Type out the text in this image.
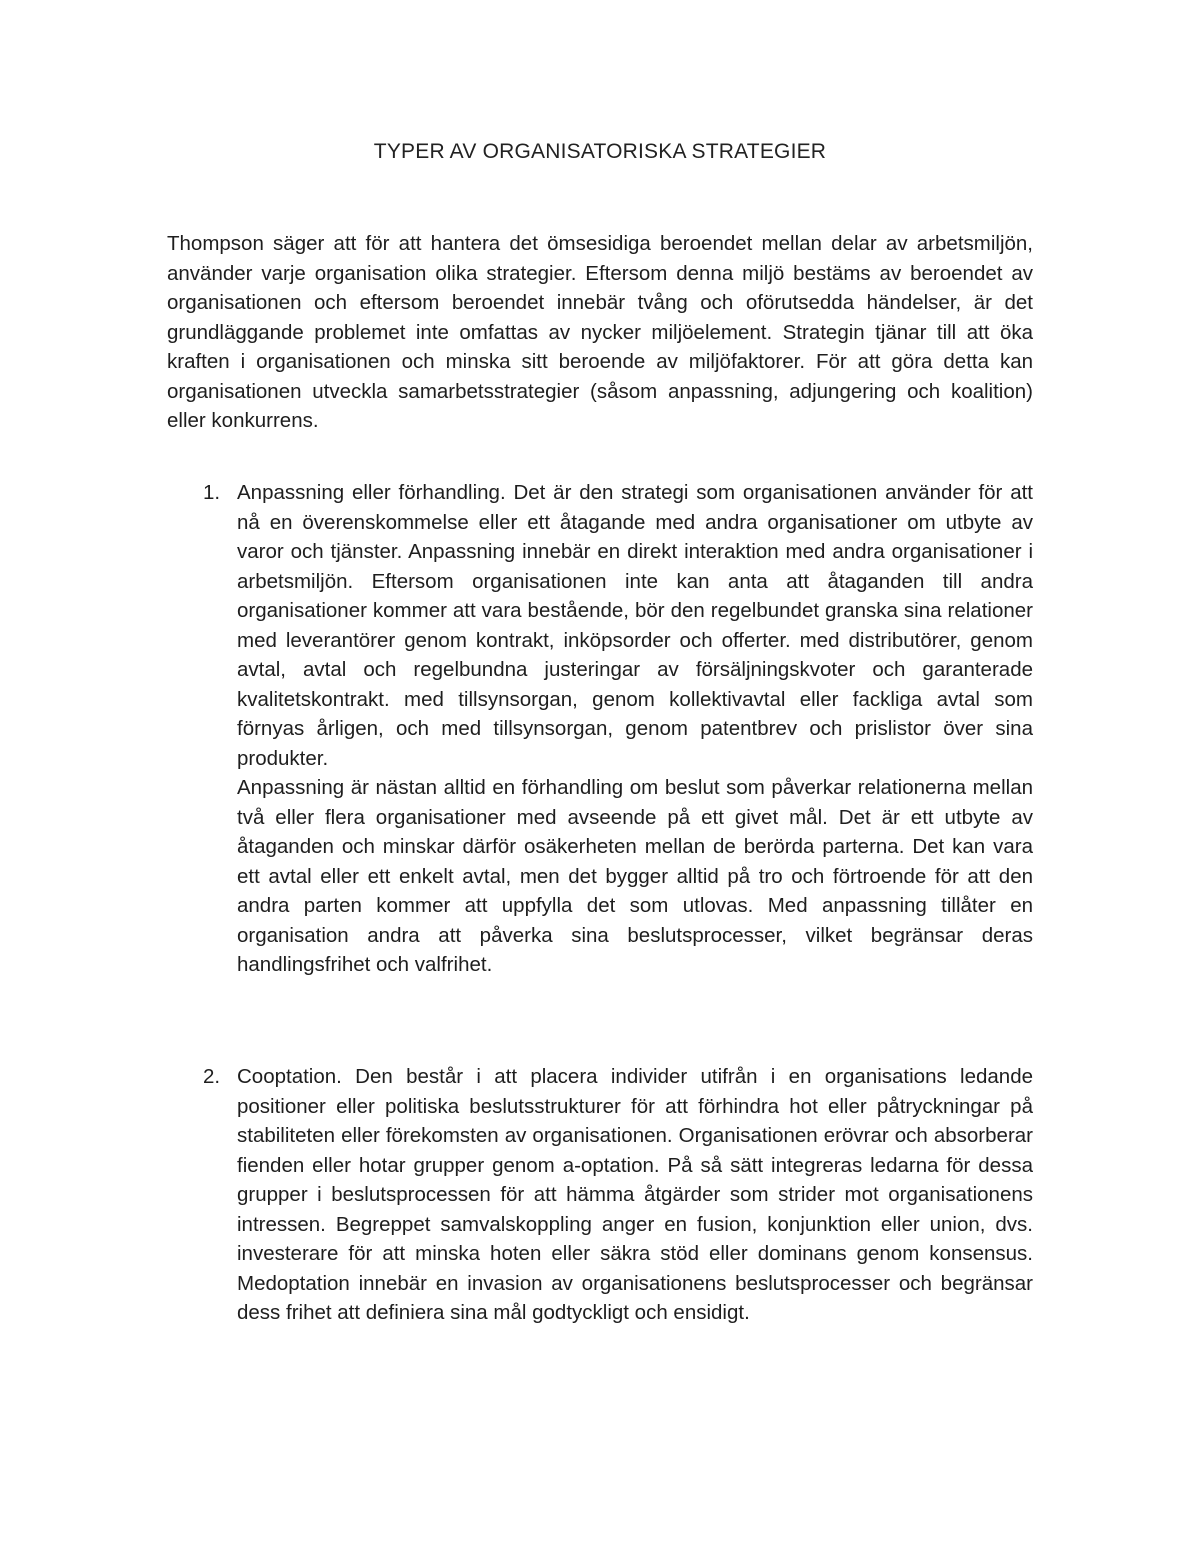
TYPER AV ORGANISATORISKA STRATEGIER
Thompson säger att för att hantera det ömsesidiga beroendet mellan delar av arbetsmiljön, använder varje organisation olika strategier. Eftersom denna miljö bestäms av beroendet av organisationen och eftersom beroendet innebär tvång och oförutsedda händelser, är det grundläggande problemet inte omfattas av nycker miljöelement. Strategin tjänar till att öka kraften i organisationen och minska sitt beroende av miljöfaktorer. För att göra detta kan organisationen utveckla samarbetsstrategier (såsom anpassning, adjungering och koalition) eller konkurrens.
1. Anpassning eller förhandling. Det är den strategi som organisationen använder för att nå en överenskommelse eller ett åtagande med andra organisationer om utbyte av varor och tjänster. Anpassning innebär en direkt interaktion med andra organisationer i arbetsmiljön. Eftersom organisationen inte kan anta att åtaganden till andra organisationer kommer att vara bestående, bör den regelbundet granska sina relationer med leverantörer genom kontrakt, inköpsorder och offerter. med distributörer, genom avtal, avtal och regelbundna justeringar av försäljningskvoter och garanterade kvalitetskontrakt. med tillsynsorgan, genom kollektivavtal eller fackliga avtal som förnyas årligen, och med tillsynsorgan, genom patentbrev och prislistor över sina produkter.

Anpassning är nästan alltid en förhandling om beslut som påverkar relationerna mellan två eller flera organisationer med avseende på ett givet mål. Det är ett utbyte av åtaganden och minskar därför osäkerheten mellan de berörda parterna. Det kan vara ett avtal eller ett enkelt avtal, men det bygger alltid på tro och förtroende för att den andra parten kommer att uppfylla det som utlovas. Med anpassning tillåter en organisation andra att påverka sina beslutsprocesser, vilket begränsar deras handlingsfrihet och valfrihet.

2. Cooptation. Den består i att placera individer utifrån i en organisations ledande positioner eller politiska beslutsstrukturer för att förhindra hot eller påtryckningar på stabiliteten eller förekomsten av organisationen. Organisationen erövrar och absorberar fienden eller hotar grupper genom a-optation. På så sätt integreras ledarna för dessa grupper i beslutsprocessen för att hämma åtgärder som strider mot organisationens intressen. Begreppet samvalskoppling anger en fusion, konjunktion eller union, dvs. investerare för att minska hoten eller säkra stöd eller dominans genom konsensus. Medoptation innebär en invasion av organisationens beslutsprocesser och begränsar dess frihet att definiera sina mål godtyckligt och ensidigt.
